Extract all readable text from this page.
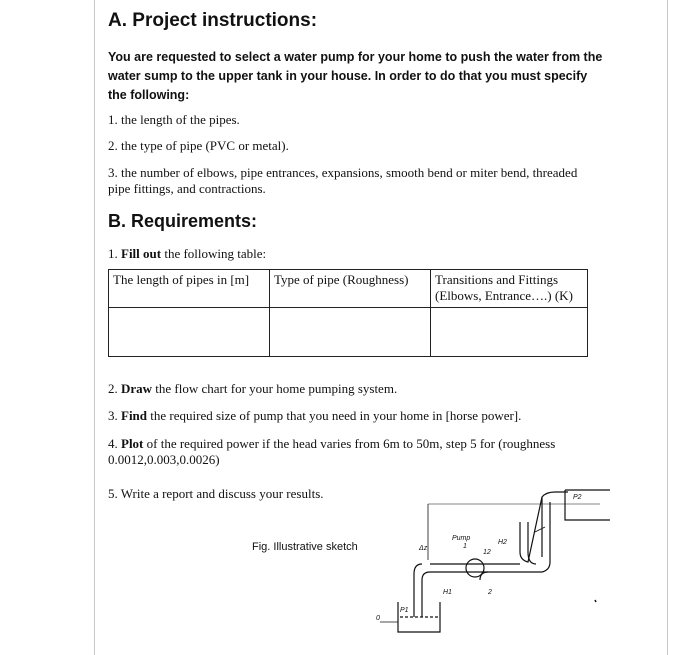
A. Project instructions:

You are requested to select a water pump for your home to push the water from the water sump to the upper tank in your house. In order to do that you must specify the following:

1. the length of the pipes.

2. the type of pipe (PVC or metal).

3. the number of elbows, pipe entrances, expansions, smooth bend or miter bend, threaded pipe fittings, and contractions.

B. Requirements:

1. Fill out the following table:

The length of pipes in [m]	Type of pipe (Roughness)	Transitions and Fittings (Elbows, Entrance….) (K)

2. Draw the flow chart for your home pumping system.

3. Find the required size of pump that you need in your home in [horse power].

4. Plot of the required power if the head varies from 6m to 50m, step 5 for (roughness 0.0012,0.003,0.0026)

5. Write a report and discuss your results.

Fig. Illustrative sketch
Pump
P2
P1
Δz
H2
H1
1
2
12
0
